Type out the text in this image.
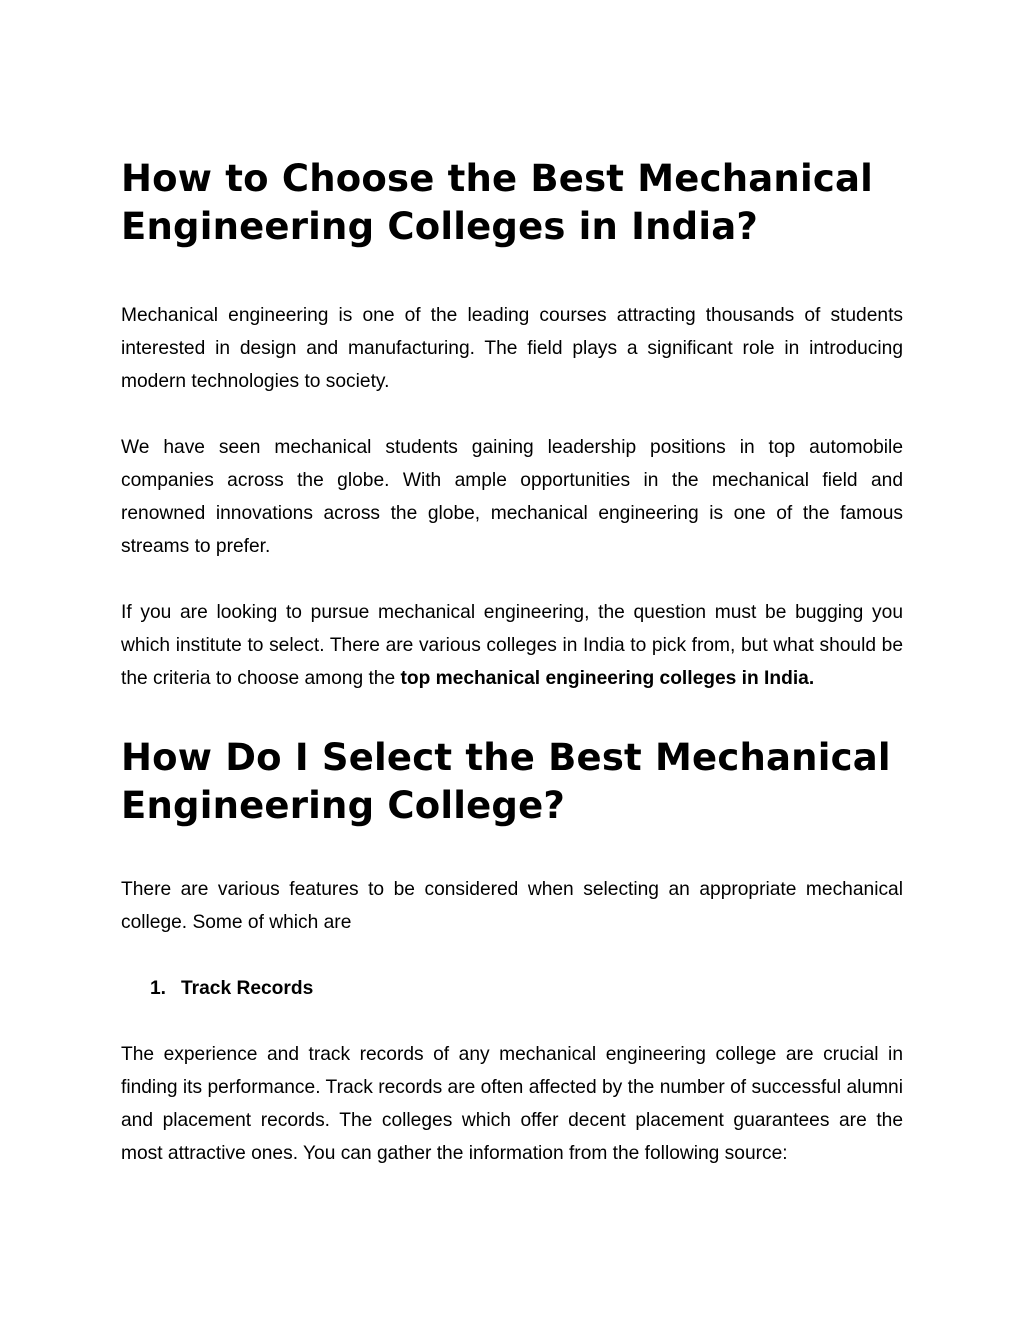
How to Choose the Best Mechanical Engineering Colleges in India?

Mechanical engineering is one of the leading courses attracting thousands of students interested in design and manufacturing. The field plays a significant role in introducing modern technologies to society.

We have seen mechanical students gaining leadership positions in top automobile companies across the globe. With ample opportunities in the mechanical field and renowned innovations across the globe, mechanical engineering is one of the famous streams to prefer.

If you are looking to pursue mechanical engineering, the question must be bugging you which institute to select. There are various colleges in India to pick from, but what should be the criteria to choose among the top mechanical engineering colleges in India.

How Do I Select the Best Mechanical Engineering College?

There are various features to be considered when selecting an appropriate mechanical college. Some of which are

1. Track Records

The experience and track records of any mechanical engineering college are crucial in finding its performance. Track records are often affected by the number of successful alumni and placement records. The colleges which offer decent placement guarantees are the most attractive ones. You can gather the information from the following source:
